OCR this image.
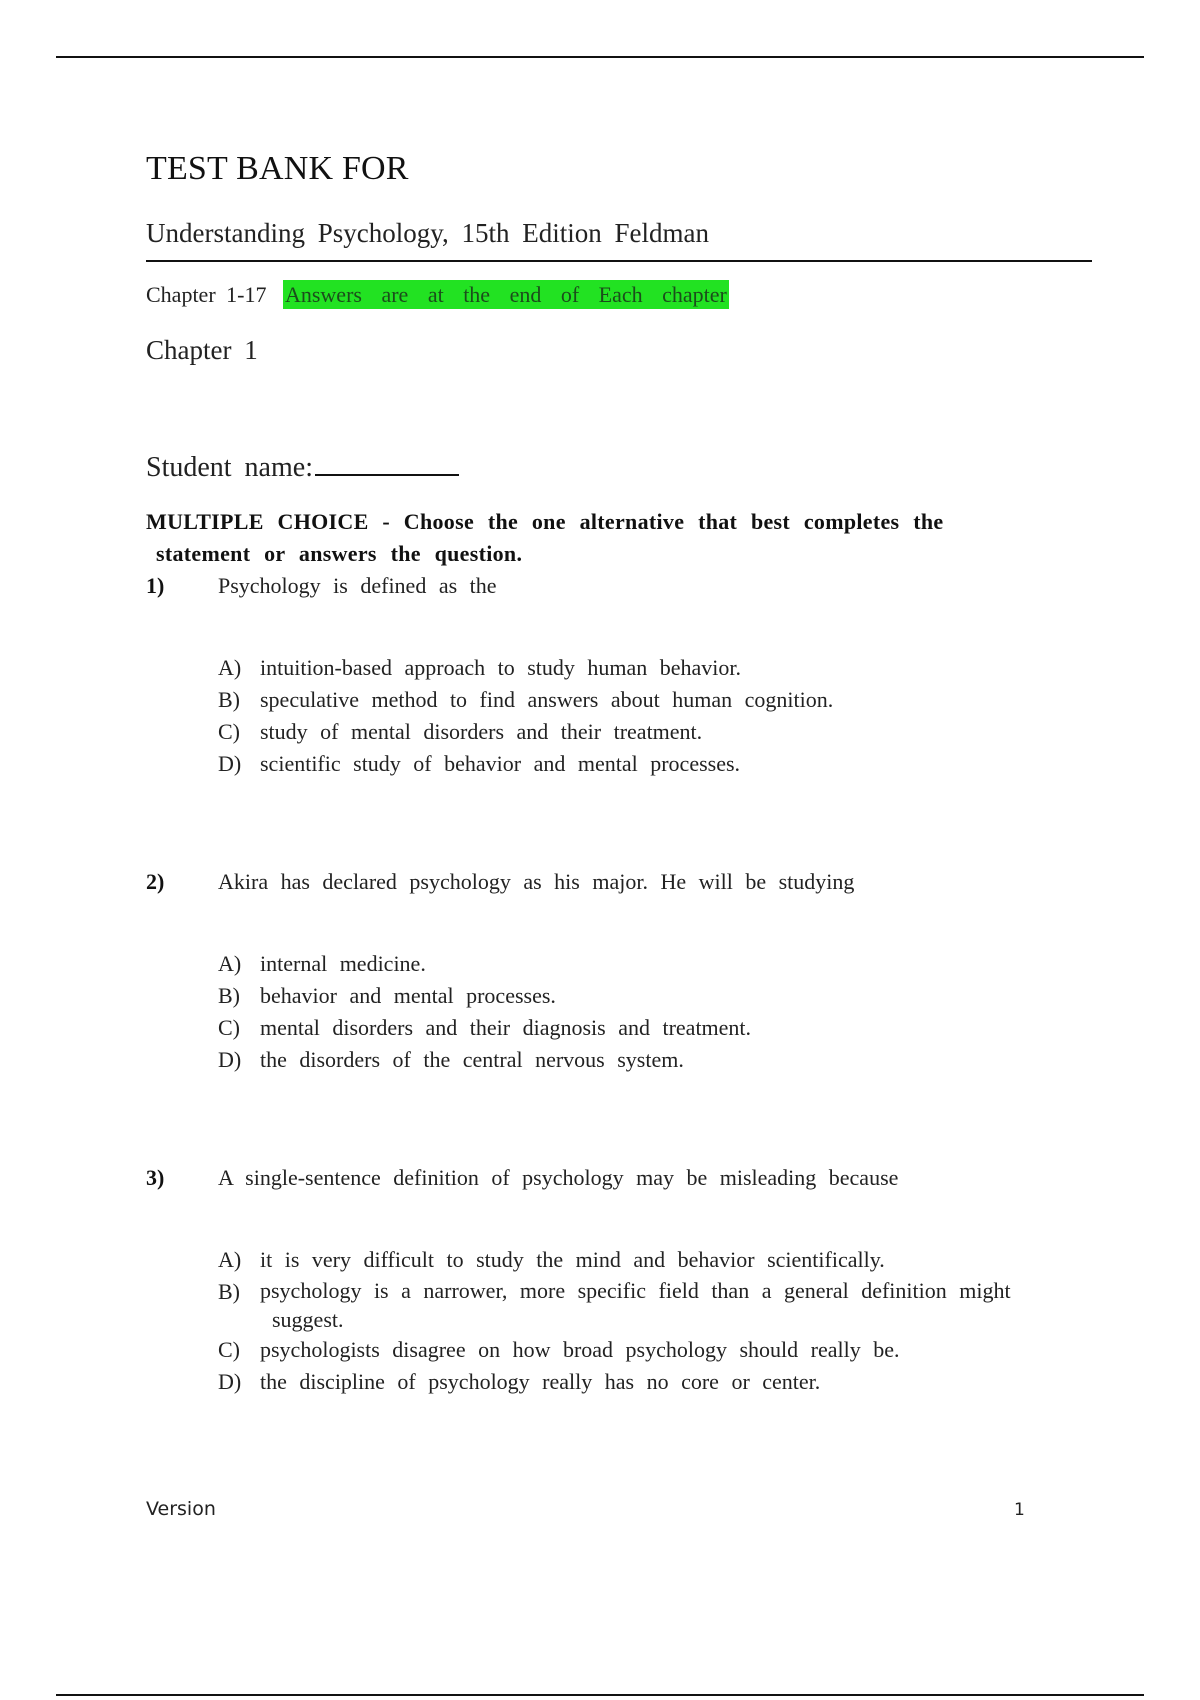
TEST BANK FOR
Understanding Psychology, 15th Edition Feldman
Chapter 1-17 Answers are at the end of Each chapter
Chapter 1
Student name:
MULTIPLE CHOICE - Choose the one alternative that best completes the
statement or answers the question.
1) Psychology is defined as the
A) intuition-based approach to study human behavior.
B) speculative method to find answers about human cognition.
C) study of mental disorders and their treatment.
D) scientific study of behavior and mental processes.
2) Akira has declared psychology as his major. He will be studying
A) internal medicine.
B) behavior and mental processes.
C) mental disorders and their diagnosis and treatment.
D) the disorders of the central nervous system.
3) A single-sentence definition of psychology may be misleading because
A) it is very difficult to study the mind and behavior scientifically.
B) psychology is a narrower, more specific field than a general definition might
suggest.
C) psychologists disagree on how broad psychology should really be.
D) the discipline of psychology really has no core or center.
Version	1
